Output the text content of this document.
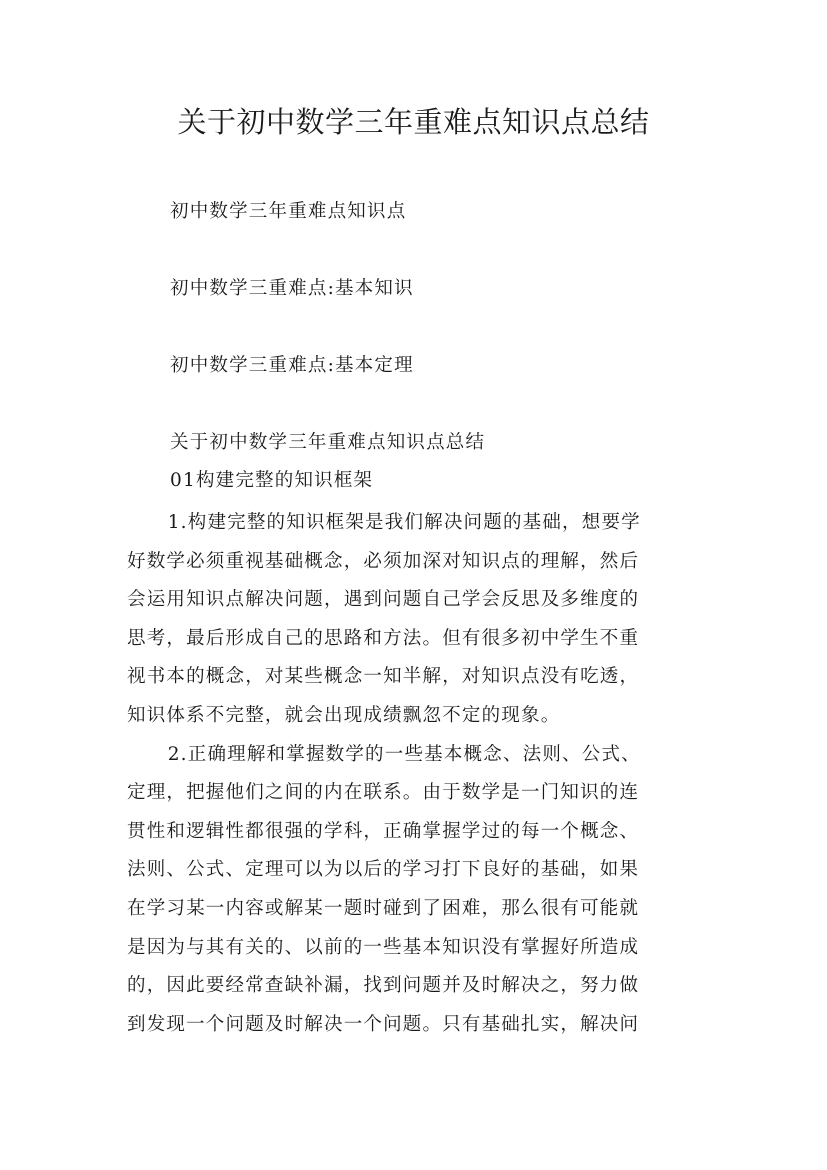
关于初中数学三年重难点知识点总结
初中数学三年重难点知识点
初中数学三重难点:基本知识
初中数学三重难点:基本定理
关于初中数学三年重难点知识点总结
01构建完整的知识框架

1.构建完整的知识框架是我们解决问题的基础，想要学
好数学必须重视基础概念，必须加深对知识点的理解，然后
会运用知识点解决问题，遇到问题自己学会反思及多维度的
思考，最后形成自己的思路和方法。但有很多初中学生不重
视书本的概念，对某些概念一知半解，对知识点没有吃透，
知识体系不完整，就会出现成绩飘忽不定的现象。

2.正确理解和掌握数学的一些基本概念、法则、公式、
定理，把握他们之间的内在联系。由于数学是一门知识的连
贯性和逻辑性都很强的学科，正确掌握学过的每一个概念、
法则、公式、定理可以为以后的学习打下良好的基础，如果
在学习某一内容或解某一题时碰到了困难，那么很有可能就
是因为与其有关的、以前的一些基本知识没有掌握好所造成
的，因此要经常查缺补漏，找到问题并及时解决之，努力做
到发现一个问题及时解决一个问题。只有基础扎实，解决问
